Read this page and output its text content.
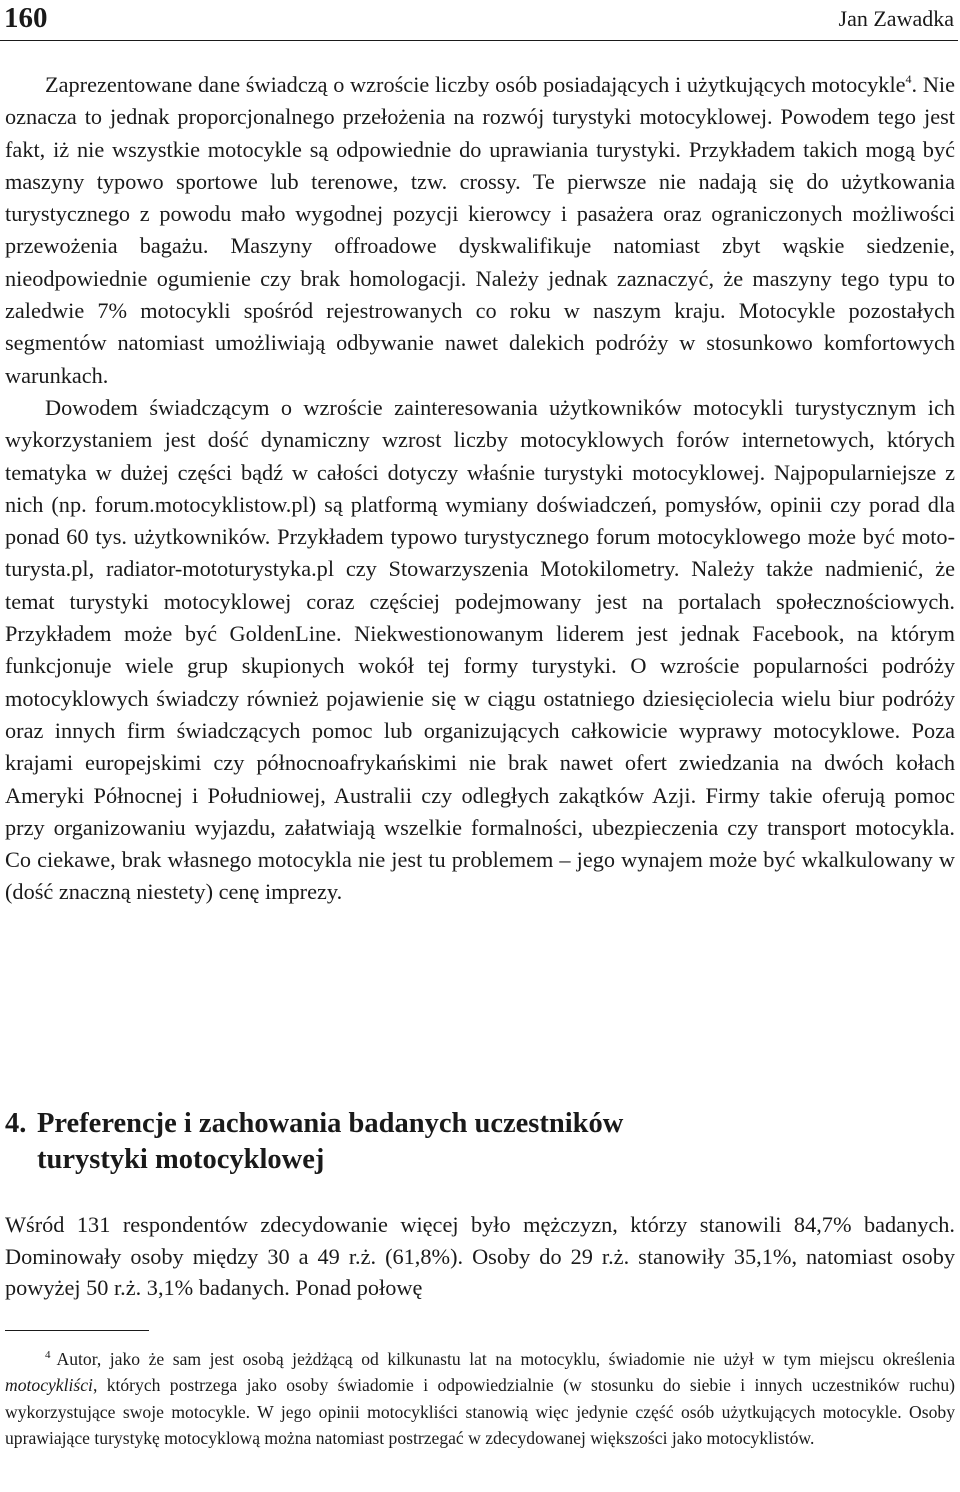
160	Jan Zawadka

Zaprezentowane dane świadczą o wzroście liczby osób posiadających i użytkujących motocykle$^4$. Nie oznacza to jednak proporcjonalnego przełożenia na rozwój turystyki motocyklowej. Powodem tego jest fakt, iż nie wszystkie motocykle są odpowiednie do uprawiania turystyki. Przykładem takich mogą być maszyny typowo sportowe lub terenowe, tzw. crossy. Te pierwsze nie nadają się do użytkowania turystycznego z powodu mało wygodnej pozycji kierowcy i pasażera oraz ograniczonych możliwości przewożenia bagażu. Maszyny offroadowe dyskwalifikuje natomiast zbyt wąskie siedzenie, nieodpowiednie ogumienie czy brak homologacji. Należy jednak zaznaczyć, że maszyny tego typu to zaledwie 7% motocykli spośród rejestrowanych co roku w naszym kraju. Motocykle pozostałych segmentów natomiast umożliwiają odbywanie nawet dalekich podróży w stosunkowo komfortowych warunkach.

Dowodem świadczącym o wzroście zainteresowania użytkowników motocykli turystycznym ich wykorzystaniem jest dość dynamiczny wzrost liczby motocyklowych forów internetowych, których tematyka w dużej części bądź w całości dotyczy właśnie turystyki motocyklowej. Najpopularniejsze z nich (np. forum.motocyklistow.pl) są platformą wymiany doświadczeń, pomysłów, opinii czy porad dla ponad 60 tys. użytkowników. Przykładem typowo turystycznego forum motocyklowego może być moto-turysta.pl, radiator-mototurystyka.pl czy Stowarzyszenia Motokilometry. Należy także nadmienić, że temat turystyki motocyklowej coraz częściej podejmowany jest na portalach społecznościowych. Przykładem może być GoldenLine. Niekwestionowanym liderem jest jednak Facebook, na którym funkcjonuje wiele grup skupionych wokół tej formy turystyki. O wzroście popularności podróży motocyklowych świadczy również pojawienie się w ciągu ostatniego dziesięciolecia wielu biur podróży oraz innych firm świadczących pomoc lub organizujących całkowicie wyprawy motocyklowe. Poza krajami europejskimi czy północnoafrykańskimi nie brak nawet ofert zwiedzania na dwóch kołach Ameryki Północnej i Południowej, Australii czy odległych zakątków Azji. Firmy takie oferują pomoc przy organizowaniu wyjazdu, załatwiają wszelkie formalności, ubezpieczenia czy transport motocykla. Co ciekawe, brak własnego motocykla nie jest tu problemem – jego wynajem może być wkalkulowany w (dość znaczną niestety) cenę imprezy.

4. Preferencje i zachowania badanych uczestników
turystyki motocyklowej

Wśród 131 respondentów zdecydowanie więcej było mężczyzn, którzy stanowili 84,7% badanych. Dominowały osoby między 30 a 49 r.ż. (61,8%). Osoby do 29 r.ż. stanowiły 35,1%, natomiast osoby powyżej 50 r.ż. 3,1% badanych. Ponad połowę

$^4$ Autor, jako że sam jest osobą jeżdżącą od kilkunastu lat na motocyklu, świadomie nie użył w tym miejscu określenia motocykliści, których postrzega jako osoby świadomie i odpowiedzialnie (w stosunku do siebie i innych uczestników ruchu) wykorzystujące swoje motocykle. W jego opinii motocykliści stanowią więc jedynie część osób użytkujących motocykle. Osoby uprawiające turystykę motocyklową można natomiast postrzegać w zdecydowanej większości jako motocyklistów.
